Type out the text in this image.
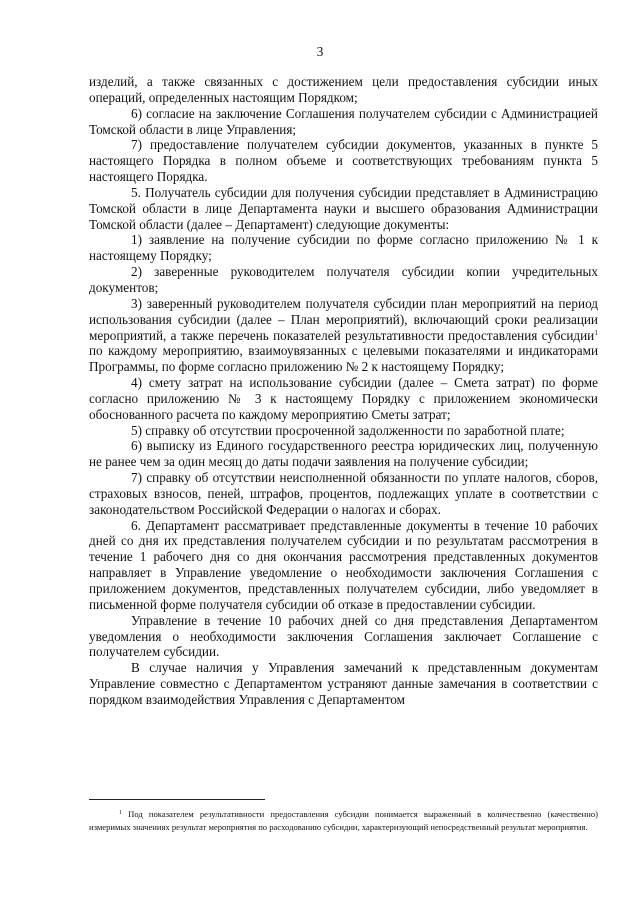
3

изделий, а также связанных с достижением цели предоставления субсидии иных операций, определенных настоящим Порядком;

6) согласие на заключение Соглашения получателем субсидии с Администрацией Томской области в лице Управления;

7) предоставление получателем субсидии документов, указанных в пункте 5 настоящего Порядка в полном объеме и соответствующих требованиям пункта 5 настоящего Порядка.

5. Получатель субсидии для получения субсидии представляет в Администрацию Томской области в лице Департамента науки и высшего образования Администрации Томской области (далее – Департамент) следующие документы:

1) заявление на получение субсидии по форме согласно приложению № 1 к настоящему Порядку;

2) заверенные руководителем получателя субсидии копии учредительных документов;

3) заверенный руководителем получателя субсидии план мероприятий на период использования субсидии (далее – План мероприятий), включающий сроки реализации мероприятий, а также перечень показателей результативности предоставления субсидии$^1$ по каждому мероприятию, взаимоувязанных с целевыми показателями и индикаторами Программы, по форме согласно приложению № 2 к настоящему Порядку;

4) смету затрат на использование субсидии (далее – Смета затрат) по форме согласно приложению № 3 к настоящему Порядку с приложением экономически обоснованного расчета по каждому мероприятию Сметы затрат;

5) справку об отсутствии просроченной задолженности по заработной плате;

6) выписку из Единого государственного реестра юридических лиц, полученную не ранее чем за один месяц до даты подачи заявления на получение субсидии;

7) справку об отсутствии неисполненной обязанности по уплате налогов, сборов, страховых взносов, пеней, штрафов, процентов, подлежащих уплате в соответствии с законодательством Российской Федерации о налогах и сборах.

6. Департамент рассматривает представленные документы в течение 10 рабочих дней со дня их представления получателем субсидии и по результатам рассмотрения в течение 1 рабочего дня со дня окончания рассмотрения представленных документов направляет в Управление уведомление о необходимости заключения Соглашения с приложением документов, представленных получателем субсидии, либо уведомляет в письменной форме получателя субсидии об отказе в предоставлении субсидии.

Управление в течение 10 рабочих дней со дня представления Департаментом уведомления о необходимости заключения Соглашения заключает Соглашение с получателем субсидии.

В случае наличия у Управления замечаний к представленным документам Управление совместно с Департаментом устраняют данные замечания в соответствии с порядком взаимодействия Управления с Департаментом

$^1$ Под показателем результативности предоставления субсидии понимается выраженный в количественно (качественно) измеримых значениях результат мероприятия по расходованию субсидии, характеризующий непосредственный результат мероприятия.
